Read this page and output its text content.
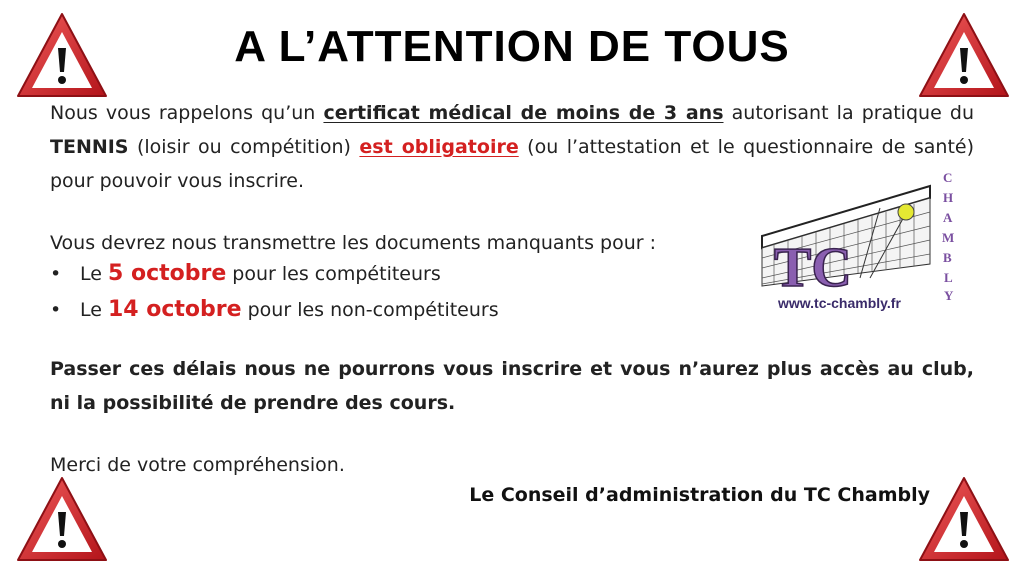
A L’ATTENTION DE TOUS
Nous vous rappelons qu’un certificat médical de moins de 3 ans autorisant la pratique du TENNIS (loisir ou compétition) est obligatoire (ou l’attestation et le questionnaire de santé) pour pouvoir vous inscrire.
Vous devrez nous transmettre les documents manquants pour :
• Le 5 octobre pour les compétiteurs
• Le 14 octobre pour les non-compétiteurs
Passer ces délais nous ne pourrons vous inscrire et vous n’aurez plus accès au club, ni la possibilité de prendre des cours.
Merci de votre compréhension.
Le Conseil d’administration du TC Chambly
TC
C
H
A
M
B
L
Y
www.tc-chambly.fr
